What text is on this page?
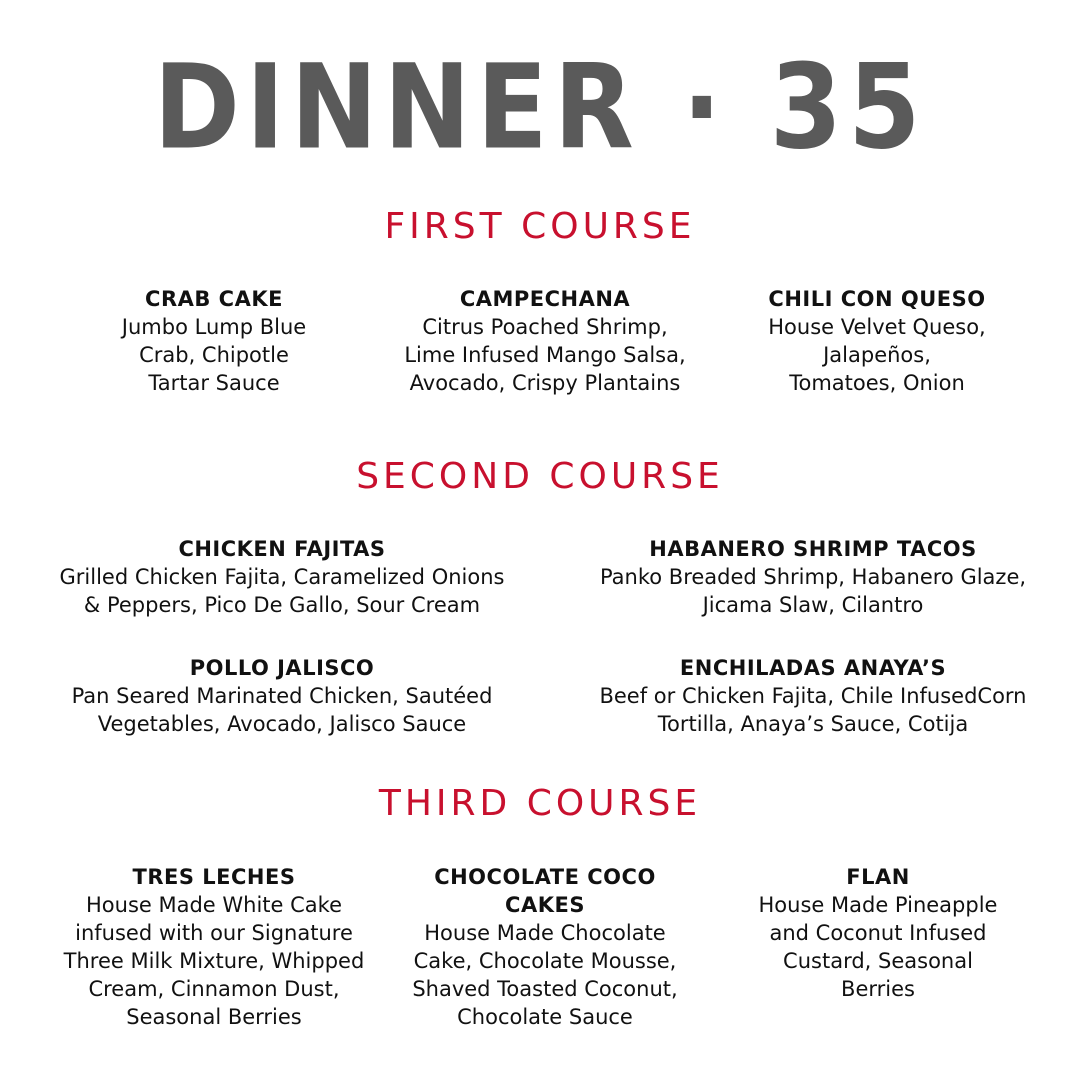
DINNER · 35
FIRST COURSE
CRAB CAKE
Jumbo Lump Blue
Crab, Chipotle
Tartar Sauce
CAMPECHANA
Citrus Poached Shrimp,
Lime Infused Mango Salsa,
Avocado, Crispy Plantains
CHILI CON QUESO
House Velvet Queso,
Jalapeños,
Tomatoes, Onion
SECOND COURSE
CHICKEN FAJITAS
Grilled Chicken Fajita, Caramelized Onions
& Peppers, Pico De Gallo, Sour Cream
HABANERO SHRIMP TACOS
Panko Breaded Shrimp, Habanero Glaze,
Jicama Slaw, Cilantro
POLLO JALISCO
Pan Seared Marinated Chicken, Sautéed
Vegetables, Avocado, Jalisco Sauce
ENCHILADAS ANAYA’S
Beef or Chicken Fajita, Chile InfusedCorn
Tortilla, Anaya’s Sauce, Cotija
THIRD COURSE
TRES LECHES
House Made White Cake
infused with our Signature
Three Milk Mixture, Whipped
Cream, Cinnamon Dust,
Seasonal Berries
CHOCOLATE COCO
CAKES
House Made Chocolate
Cake, Chocolate Mousse,
Shaved Toasted Coconut,
Chocolate Sauce
FLAN
House Made Pineapple
and Coconut Infused
Custard, Seasonal
Berries
